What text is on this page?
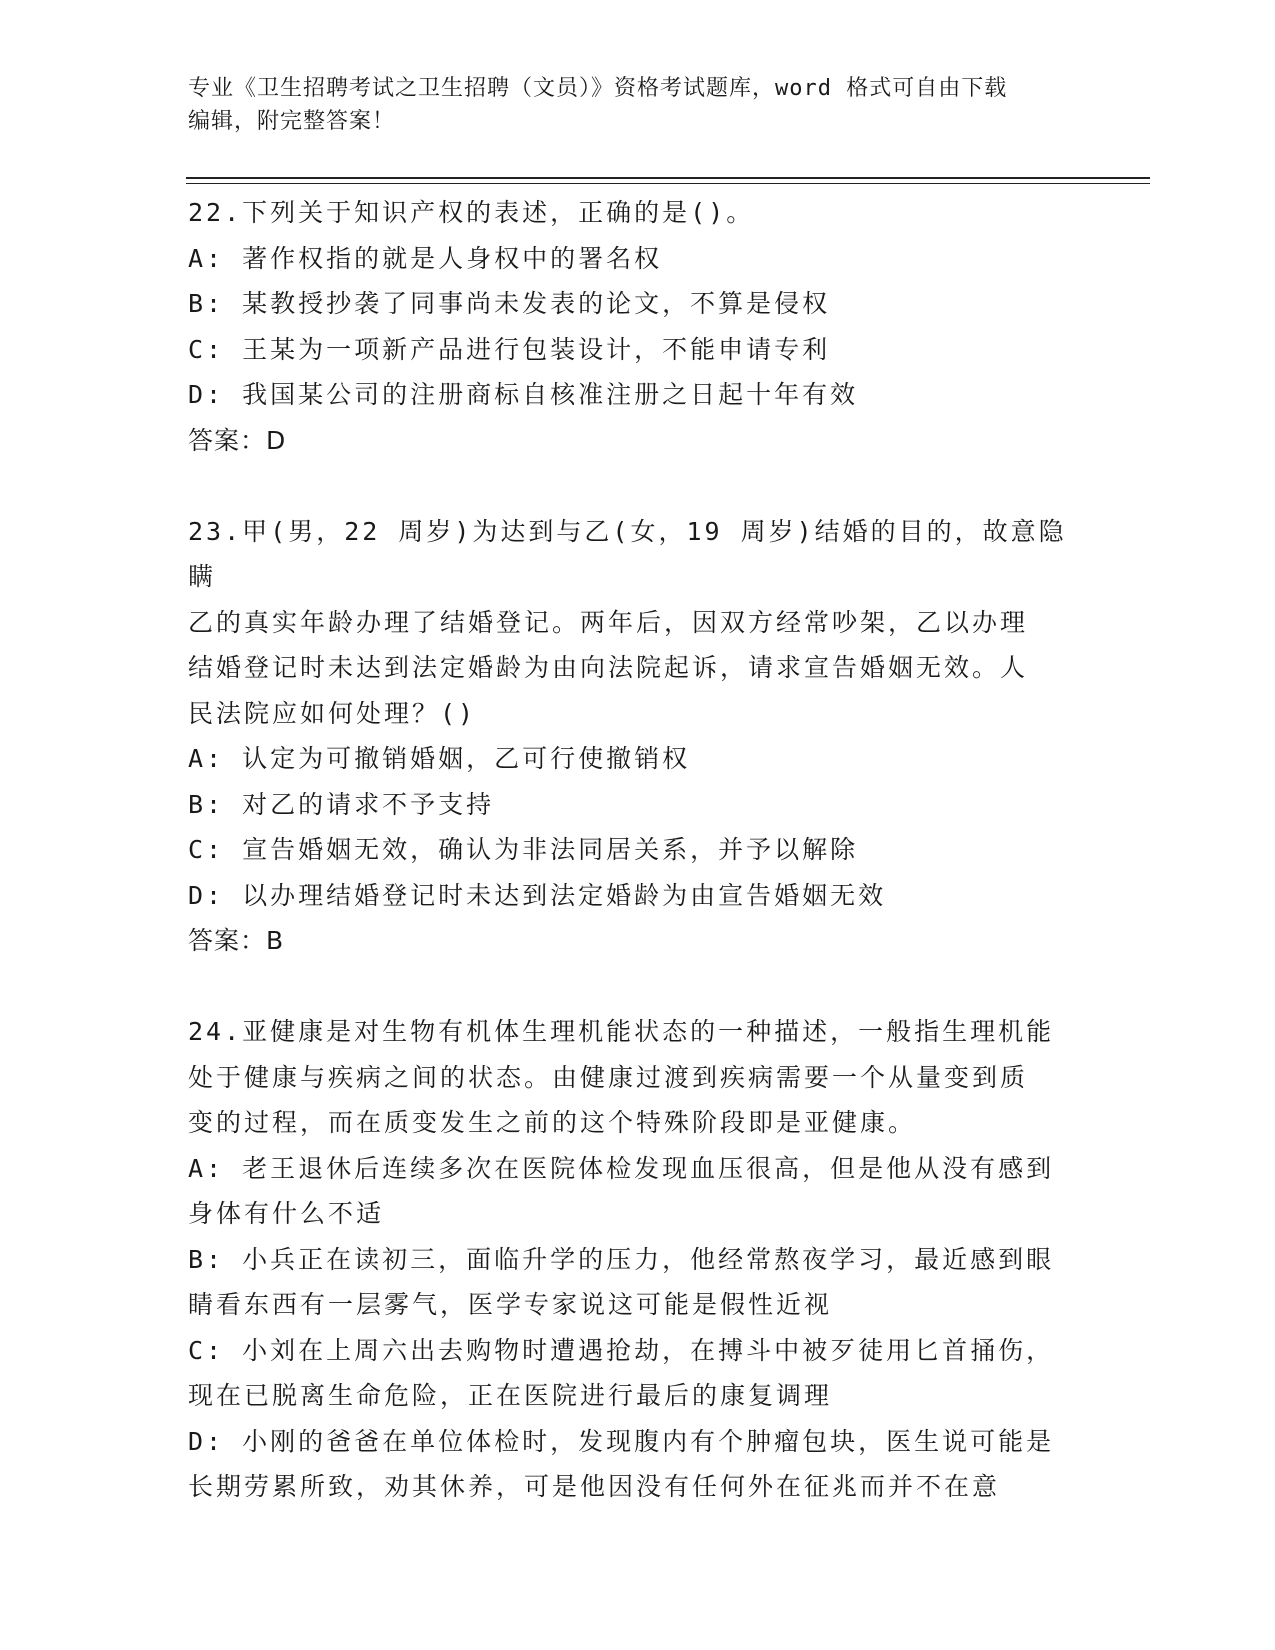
专业《卫生招聘考试之卫生招聘（文员）》资格考试题库，word 格式可自由下载
编辑，附完整答案！
22.下列关于知识产权的表述，正确的是()。
A: 著作权指的就是人身权中的署名权
B: 某教授抄袭了同事尚未发表的论文，不算是侵权
C: 王某为一项新产品进行包装设计，不能申请专利
D: 我国某公司的注册商标自核准注册之日起十年有效
答案：D
23.甲(男，22 周岁)为达到与乙(女，19 周岁)结婚的目的，故意隐瞒
乙的真实年龄办理了结婚登记。两年后，因双方经常吵架，乙以办理
结婚登记时未达到法定婚龄为由向法院起诉，请求宣告婚姻无效。人
民法院应如何处理？()
A: 认定为可撤销婚姻，乙可行使撤销权
B: 对乙的请求不予支持
C: 宣告婚姻无效，确认为非法同居关系，并予以解除
D: 以办理结婚登记时未达到法定婚龄为由宣告婚姻无效
答案：B
24.亚健康是对生物有机体生理机能状态的一种描述，一般指生理机能
处于健康与疾病之间的状态。由健康过渡到疾病需要一个从量变到质
变的过程，而在质变发生之前的这个特殊阶段即是亚健康。
A: 老王退休后连续多次在医院体检发现血压很高，但是他从没有感到
身体有什么不适
B: 小兵正在读初三，面临升学的压力，他经常熬夜学习，最近感到眼
睛看东西有一层雾气，医学专家说这可能是假性近视
C: 小刘在上周六出去购物时遭遇抢劫，在搏斗中被歹徒用匕首捅伤，
现在已脱离生命危险，正在医院进行最后的康复调理
D: 小刚的爸爸在单位体检时，发现腹内有个肿瘤包块，医生说可能是
长期劳累所致，劝其休养，可是他因没有任何外在征兆而并不在意
